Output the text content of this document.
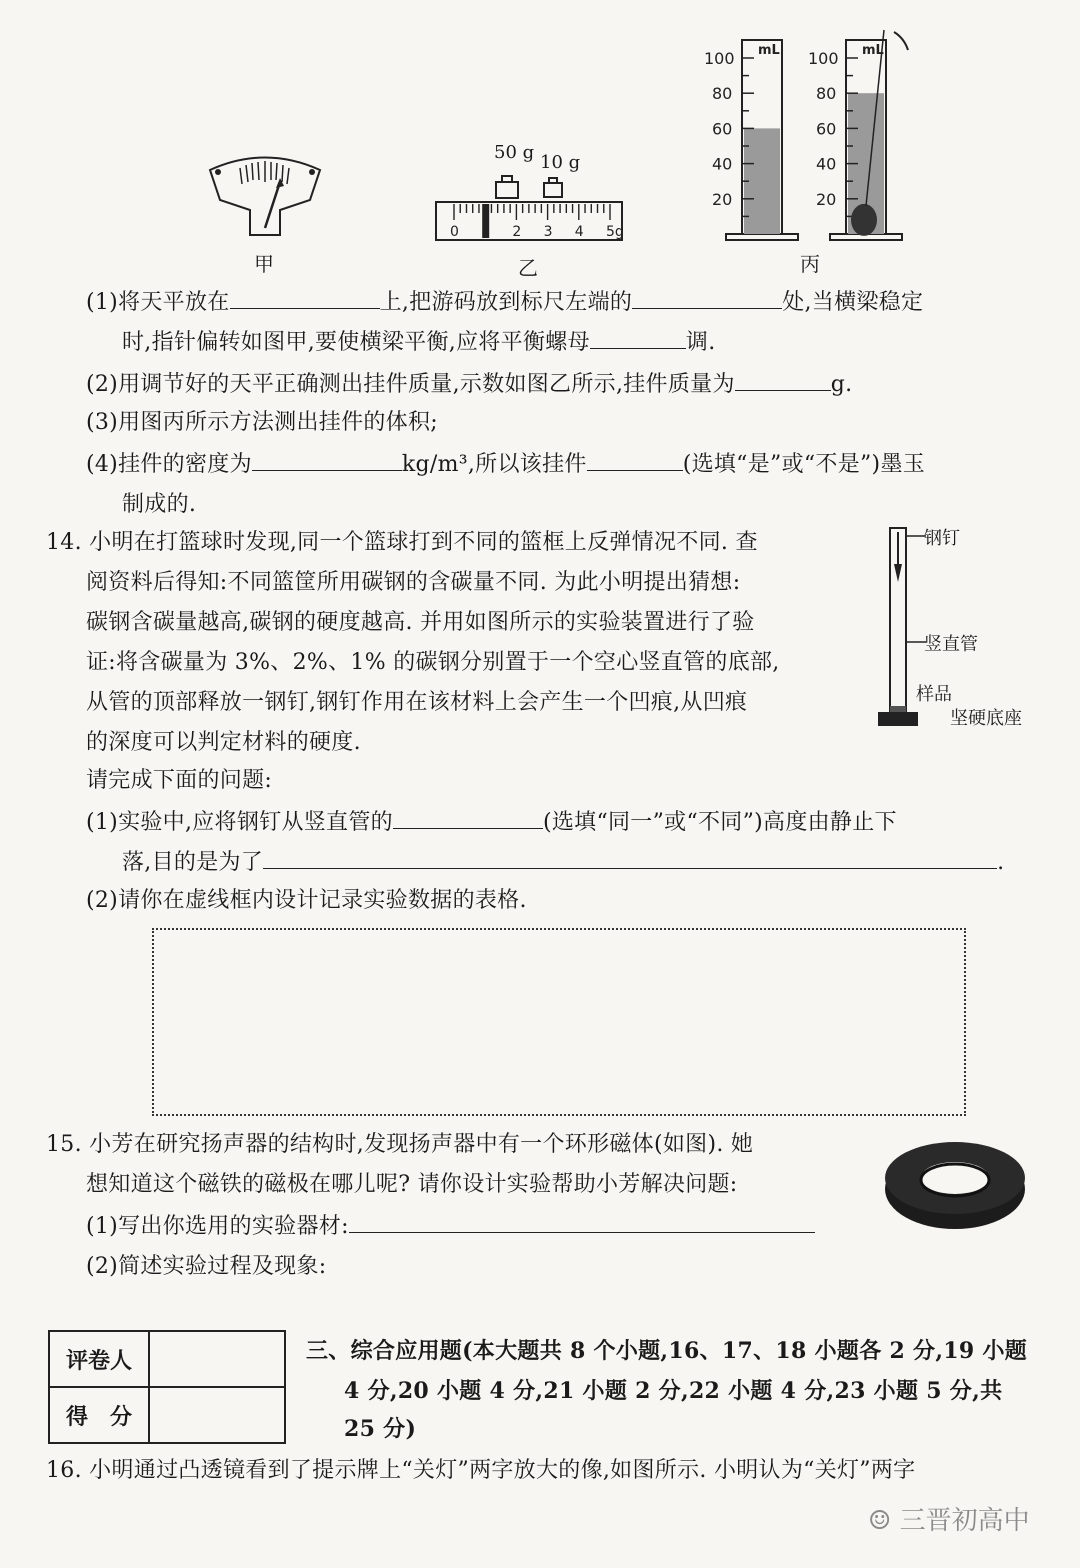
甲
50 g 10 g
0	2 3 4 5g
乙
100
80
60
40
20
mL 100
80
60
40
20
mL
丙
(1)将天平放在	上,把游码放到标尺左端的	处,当横梁稳定
时,指针偏转如图甲,要使横梁平衡,应将平衡螺母	调.
(2)用调节好的天平正确测出挂件质量,示数如图乙所示,挂件质量为	g.
(3)用图丙所示方法测出挂件的体积;
(4)挂件的密度为	kg/m³,所以该挂件	(选填“是”或“不是”)墨玉
制成的.
14. 小明在打篮球时发现,同一个篮球打到不同的篮框上反弹情况不同. 查
阅资料后得知:不同篮筐所用碳钢的含碳量不同. 为此小明提出猜想:
碳钢含碳量越高,碳钢的硬度越高. 并用如图所示的实验装置进行了验
证:将含碳量为 3%、2%、1% 的碳钢分别置于一个空心竖直管的底部,
从管的顶部释放一钢钉,钢钉作用在该材料上会产生一个凹痕,从凹痕
的深度可以判定材料的硬度.
请完成下面的问题:
钢钉
竖直管
样品
坚硬底座
(1)实验中,应将钢钉从竖直管的	(选填“同一”或“不同”)高度由静止下
落,目的是为了	.
(2)请你在虚线框内设计记录实验数据的表格.
15. 小芳在研究扬声器的结构时,发现扬声器中有一个环形磁体(如图). 她
想知道这个磁铁的磁极在哪儿呢? 请你设计实验帮助小芳解决问题:
(1)写出你选用的实验器材:
(2)简述实验过程及现象:
评卷人	
得　分	
三、综合应用题(本大题共 8 个小题,16、17、18 小题各 2 分,19 小题
4 分,20 小题 4 分,21 小题 2 分,22 小题 4 分,23 小题 5 分,共
25 分)
16. 小明通过凸透镜看到了提示牌上“关灯”两字放大的像,如图所示. 小明认为“关灯”两字
☺ 三晋初高中
